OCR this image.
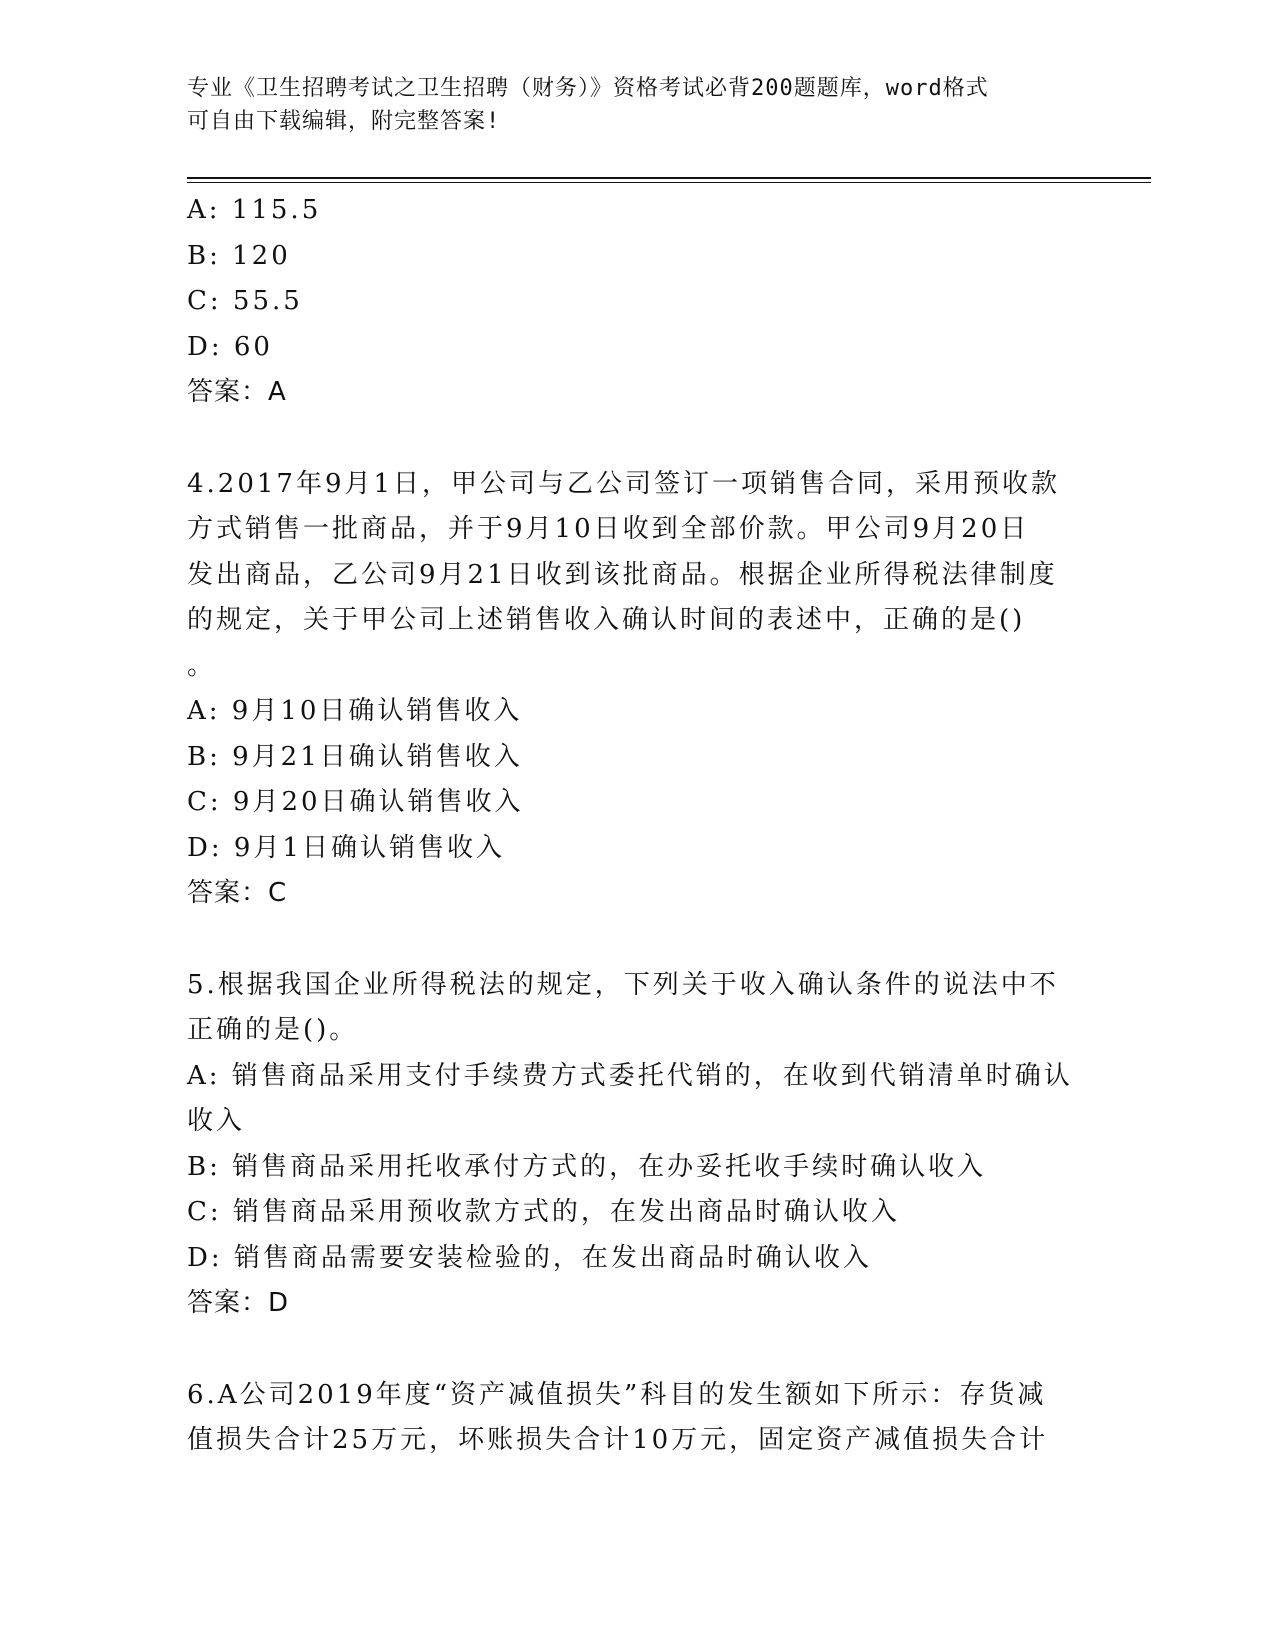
专业《卫生招聘考试之卫生招聘（财务）》资格考试必背200题题库，word格式
可自由下载编辑，附完整答案!
A: 115.5
B: 120
C: 55.5
D: 60
答案：A
4.2017年9月1日，甲公司与乙公司签订一项销售合同，采用预收款
方式销售一批商品，并于9月10日收到全部价款。甲公司9月20日
发出商品，乙公司9月21日收到该批商品。根据企业所得税法律制度
的规定，关于甲公司上述销售收入确认时间的表述中，正确的是()
。
A: 9月10日确认销售收入
B: 9月21日确认销售收入
C: 9月20日确认销售收入
D: 9月1日确认销售收入
答案：C
5.根据我国企业所得税法的规定，下列关于收入确认条件的说法中不
正确的是()。
A: 销售商品采用支付手续费方式委托代销的，在收到代销清单时确认
收入
B: 销售商品采用托收承付方式的，在办妥托收手续时确认收入
C: 销售商品采用预收款方式的，在发出商品时确认收入
D: 销售商品需要安装检验的，在发出商品时确认收入
答案：D
6.A公司2019年度“资产减值损失”科目的发生额如下所示：存货减
值损失合计25万元，坏账损失合计10万元，固定资产减值损失合计
